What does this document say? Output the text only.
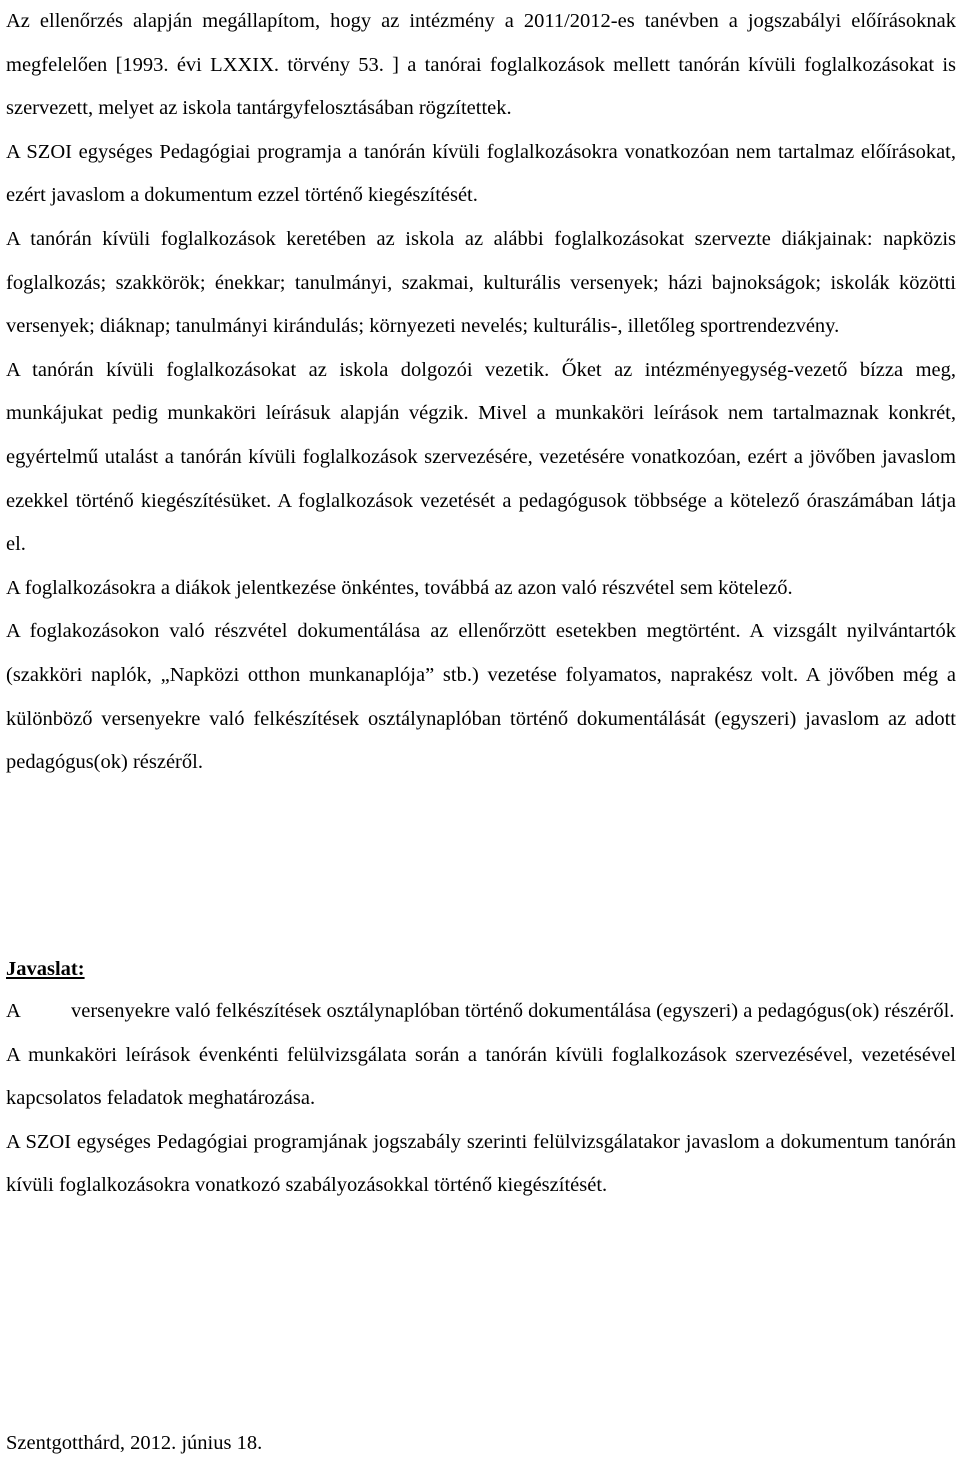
Az ellenőrzés alapján megállapítom, hogy az intézmény a 2011/2012-es tanévben a jogszabályi előírásoknak megfelelően [1993. évi LXXIX. törvény 53. ] a tanórai foglalkozások mellett tanórán kívüli foglalkozásokat is szervezett, melyet az iskola tantárgyfelosztásában rögzítettek.

A SZOI egységes Pedagógiai programja a tanórán kívüli foglalkozásokra vonatkozóan nem tartalmaz előírásokat, ezért javaslom a dokumentum ezzel történő kiegészítését.

A tanórán kívüli foglalkozások keretében az iskola az alábbi foglalkozásokat szervezte diákjainak: napközis foglalkozás; szakkörök; énekkar; tanulmányi, szakmai, kulturális versenyek; házi bajnokságok; iskolák közötti versenyek; diáknap; tanulmányi kirándulás; környezeti nevelés; kulturális-, illetőleg sportrendezvény.

A tanórán kívüli foglalkozásokat az iskola dolgozói vezetik. Őket az intézményegység-vezető bízza meg, munkájukat pedig munkaköri leírásuk alapján végzik. Mivel a munkaköri leírások nem tartalmaznak konkrét, egyértelmű utalást a tanórán kívüli foglalkozások szervezésére, vezetésére vonatkozóan, ezért a jövőben javaslom ezekkel történő kiegészítésüket. A foglalkozások vezetését a pedagógusok többsége a kötelező óraszámában látja el.

A foglalkozásokra a diákok jelentkezése önkéntes, továbbá az azon való részvétel sem kötelező.

A foglakozásokon való részvétel dokumentálása az ellenőrzött esetekben megtörtént. A vizsgált nyilvántartók (szakköri naplók, „Napközi otthon munkanaplója” stb.) vezetése folyamatos, naprakész volt. A jövőben még a különböző versenyekre való felkészítések osztálynaplóban történő dokumentálását (egyszeri) javaslom az adott pedagógus(ok) részéről.

Javaslat:

A versenyekre való felkészítések osztálynaplóban történő dokumentálása (egyszeri) a pedagógus(ok) részéről.

A munkaköri leírások évenkénti felülvizsgálata során a tanórán kívüli foglalkozások szervezésével, vezetésével kapcsolatos feladatok meghatározása.

A SZOI egységes Pedagógiai programjának jogszabály szerinti felülvizsgálatakor javaslom a dokumentum tanórán kívüli foglalkozásokra vonatkozó szabályozásokkal történő kiegészítését.

Szentgotthárd, 2012. június 18.
